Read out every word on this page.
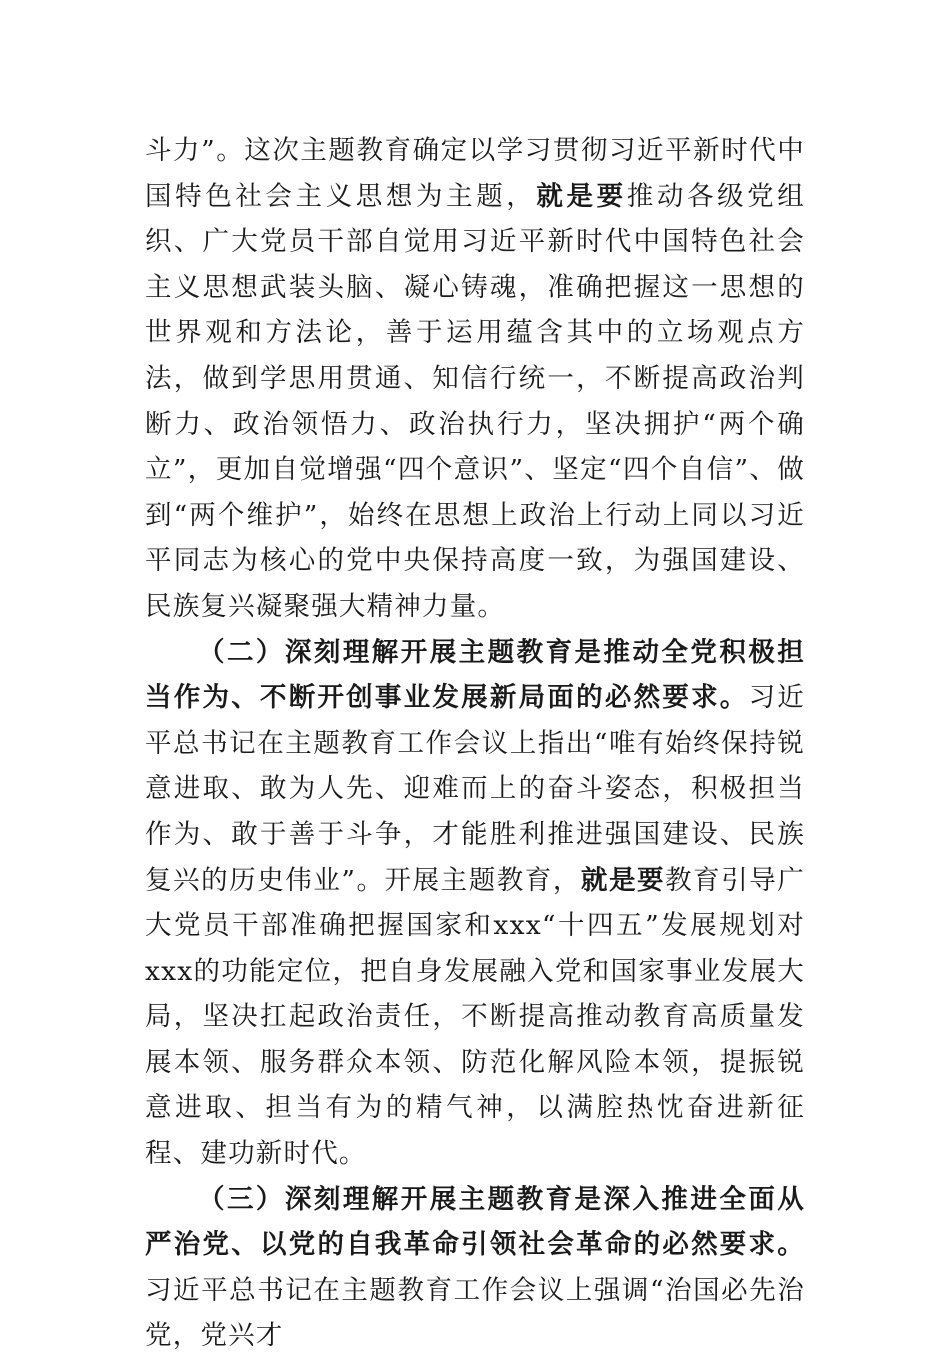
斗力”。这次主题教育确定以学习贯彻习近平新时代中国特色社会主义思想为主题，就是要推动各级党组织、广大党员干部自觉用习近平新时代中国特色社会主义思想武装头脑、凝心铸魂，准确把握这一思想的世界观和方法论，善于运用蕴含其中的立场观点方法，做到学思用贯通、知信行统一，不断提高政治判断力、政治领悟力、政治执行力，坚决拥护“两个确立”，更加自觉增强“四个意识”、坚定“四个自信”、做到“两个维护”，始终在思想上政治上行动上同以习近平同志为核心的党中央保持高度一致，为强国建设、民族复兴凝聚强大精神力量。

（二）深刻理解开展主题教育是推动全党积极担当作为、不断开创事业发展新局面的必然要求。习近平总书记在主题教育工作会议上指出“唯有始终保持锐意进取、敢为人先、迎难而上的奋斗姿态，积极担当作为、敢于善于斗争，才能胜利推进强国建设、民族复兴的历史伟业”。开展主题教育，就是要教育引导广大党员干部准确把握国家和xxx“十四五”发展规划对xxx的功能定位，把自身发展融入党和国家事业发展大局，坚决扛起政治责任，不断提高推动教育高质量发展本领、服务群众本领、防范化解风险本领，提振锐意进取、担当有为的精气神，以满腔热忱奋进新征程、建功新时代。

（三）深刻理解开展主题教育是深入推进全面从严治党、以党的自我革命引领社会革命的必然要求。习近平总书记在主题教育工作会议上强调“治国必先治党，党兴才
